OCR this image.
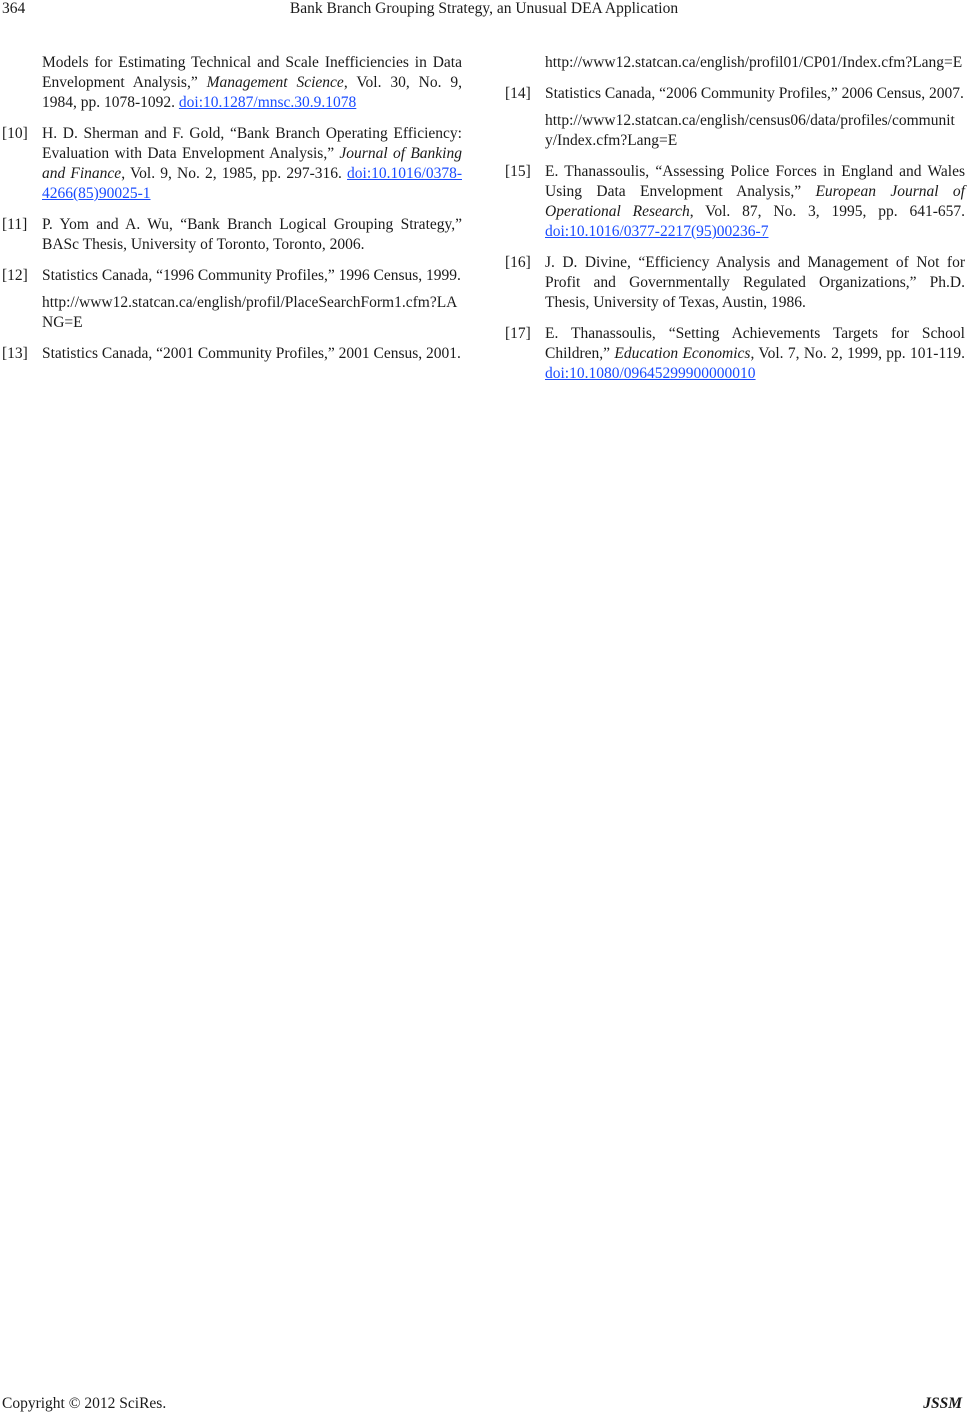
364	Bank Branch Grouping Strategy, an Unusual DEA Application

Models for Estimating Technical and Scale Inefficiencies in Data Envelopment Analysis,” Management Science, Vol. 30, No. 9, 1984, pp. 1078-1092. doi:10.1287/mnsc.30.9.1078

[10] H. D. Sherman and F. Gold, “Bank Branch Operating Efficiency: Evaluation with Data Envelopment Analysis,” Journal of Banking and Finance, Vol. 9, No. 2, 1985, pp. 297-316. doi:10.1016/0378-4266(85)90025-1

[11] P. Yom and A. Wu, “Bank Branch Logical Grouping Strategy,” BASc Thesis, University of Toronto, Toronto, 2006.

[12] Statistics Canada, “1996 Community Profiles,” 1996 Census, 1999.

http://www12.statcan.ca/english/profil/PlaceSearchForm1.cfm?LANG=E
[13] Statistics Canada, “2001 Community Profiles,” 2001 Census, 2001.

http://www12.statcan.ca/english/profil01/CP01/Index.cfm?Lang=E
[14] Statistics Canada, “2006 Community Profiles,” 2006 Census, 2007.

http://www12.statcan.ca/english/census06/data/profiles/community/Index.cfm?Lang=E
[15] E. Thanassoulis, “Assessing Police Forces in England and Wales Using Data Envelopment Analysis,” European Journal of Operational Research, Vol. 87, No. 3, 1995, pp. 641-657. doi:10.1016/0377-2217(95)00236-7

[16] J. D. Divine, “Efficiency Analysis and Management of Not for Profit and Governmentally Regulated Organizations,” Ph.D. Thesis, University of Texas, Austin, 1986.

[17] E. Thanassoulis, “Setting Achievements Targets for School Children,” Education Economics, Vol. 7, No. 2, 1999, pp. 101-119. doi:10.1080/09645299900000010

Copyright © 2012 SciRes.	JSSM
